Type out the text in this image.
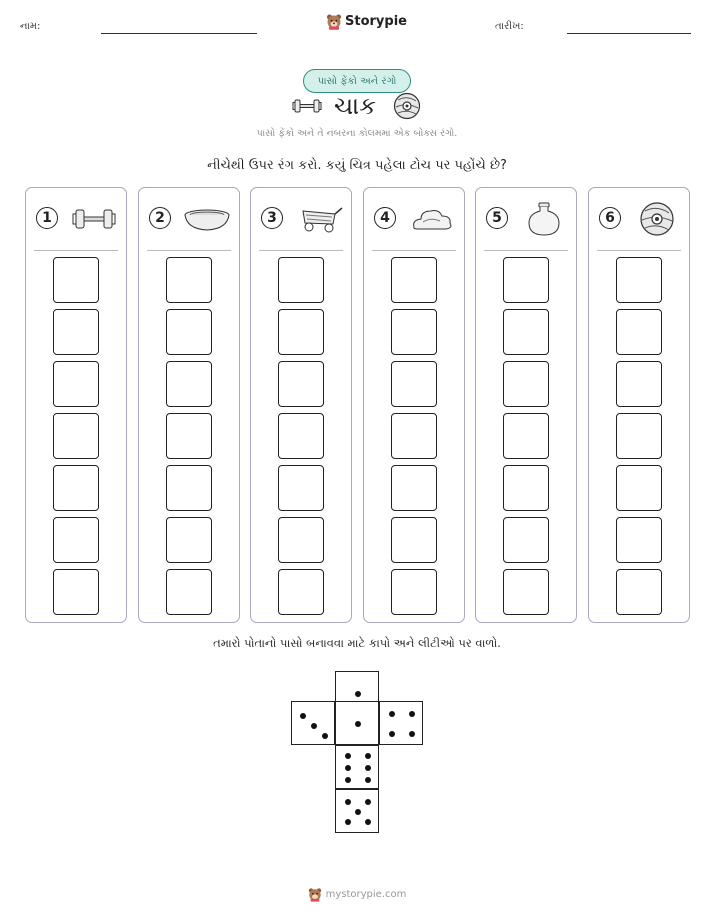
નામ:	Storypie	તારીખ:
પાસો ફેંકો અને રંગો
ચાક
પાસો ફેંકો અને તે નંબરના કોલમમાં એક બોક્સ રંગો.
નીચેથી ઉપર રંગ કરો. કયું ચિત્ર પહેલા ટોચ પર પહોંચે છે?
1	2	3	4	5	6
તમારો પોતાનો પાસો બનાવવા માટે કાપો અને લીટીઓ પર વાળો.
mystorypie.com
